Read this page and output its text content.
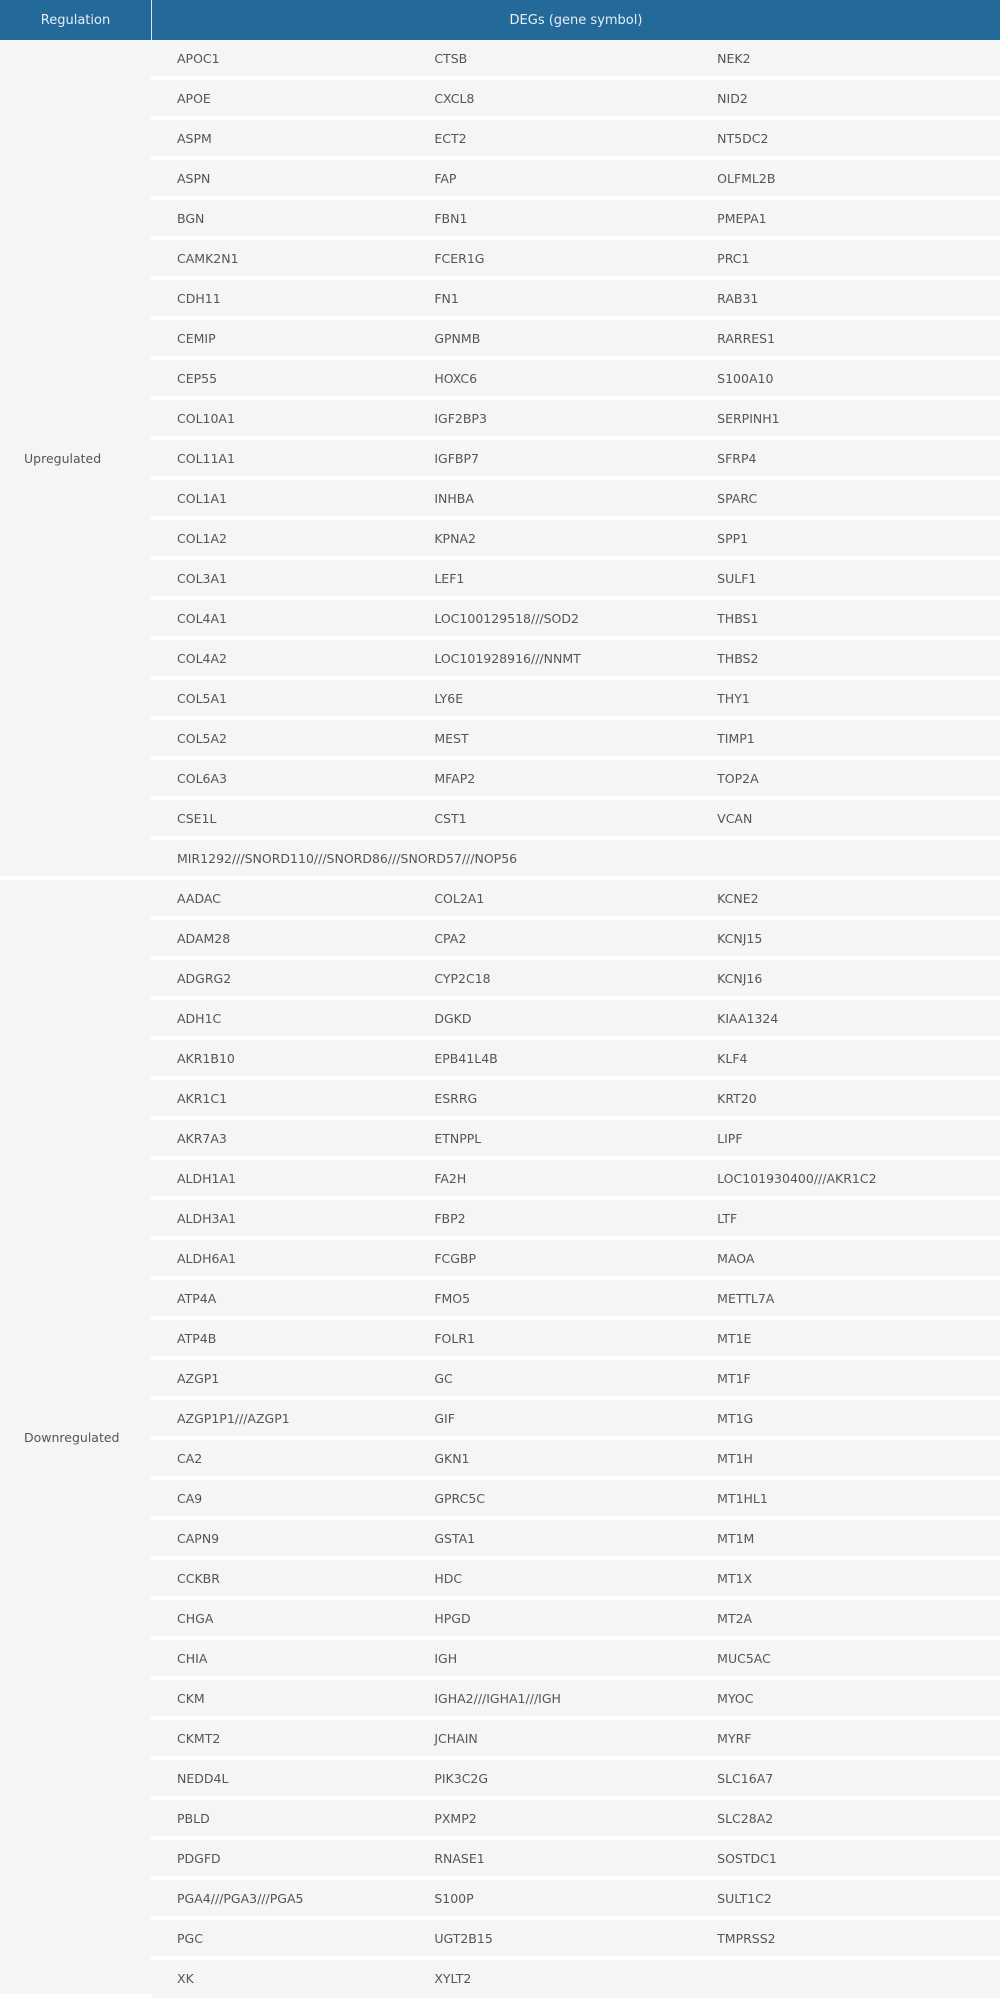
Regulation	DEGs (gene symbol)		
Upregulated	APOC1	CTSB	NEK2
	APOE	CXCL8	NID2
	ASPM	ECT2	NT5DC2
	ASPN	FAP	OLFML2B
	BGN	FBN1	PMEPA1
	CAMK2N1	FCER1G	PRC1
	CDH11	FN1	RAB31
	CEMIP	GPNMB	RARRES1
	CEP55	HOXC6	S100A10
	COL10A1	IGF2BP3	SERPINH1
	COL11A1	IGFBP7	SFRP4
	COL1A1	INHBA	SPARC
	COL1A2	KPNA2	SPP1
	COL3A1	LEF1	SULF1
	COL4A1	LOC100129518///SOD2	THBS1
	COL4A2	LOC101928916///NNMT	THBS2
	COL5A1	LY6E	THY1
	COL5A2	MEST	TIMP1
	COL6A3	MFAP2	TOP2A
	CSE1L	CST1	VCAN
	MIR1292///SNORD110///SNORD86///SNORD57///NOP56		
Downregulated	AADAC	COL2A1	KCNE2
	ADAM28	CPA2	KCNJ15
	ADGRG2	CYP2C18	KCNJ16
	ADH1C	DGKD	KIAA1324
	AKR1B10	EPB41L4B	KLF4
	AKR1C1	ESRRG	KRT20
	AKR7A3	ETNPPL	LIPF
	ALDH1A1	FA2H	LOC101930400///AKR1C2
	ALDH3A1	FBP2	LTF
	ALDH6A1	FCGBP	MAOA
	ATP4A	FMO5	METTL7A
	ATP4B	FOLR1	MT1E
	AZGP1	GC	MT1F
	AZGP1P1///AZGP1	GIF	MT1G
	CA2	GKN1	MT1H
	CA9	GPRC5C	MT1HL1
	CAPN9	GSTA1	MT1M
	CCKBR	HDC	MT1X
	CHGA	HPGD	MT2A
	CHIA	IGH	MUC5AC
	CKM	IGHA2///IGHA1///IGH	MYOC
	CKMT2	JCHAIN	MYRF
	NEDD4L	PIK3C2G	SLC16A7
	PBLD	PXMP2	SLC28A2
	PDGFD	RNASE1	SOSTDC1
	PGA4///PGA3///PGA5	S100P	SULT1C2
	PGC	UGT2B15	TMPRSS2
	XK	XYLT2	
